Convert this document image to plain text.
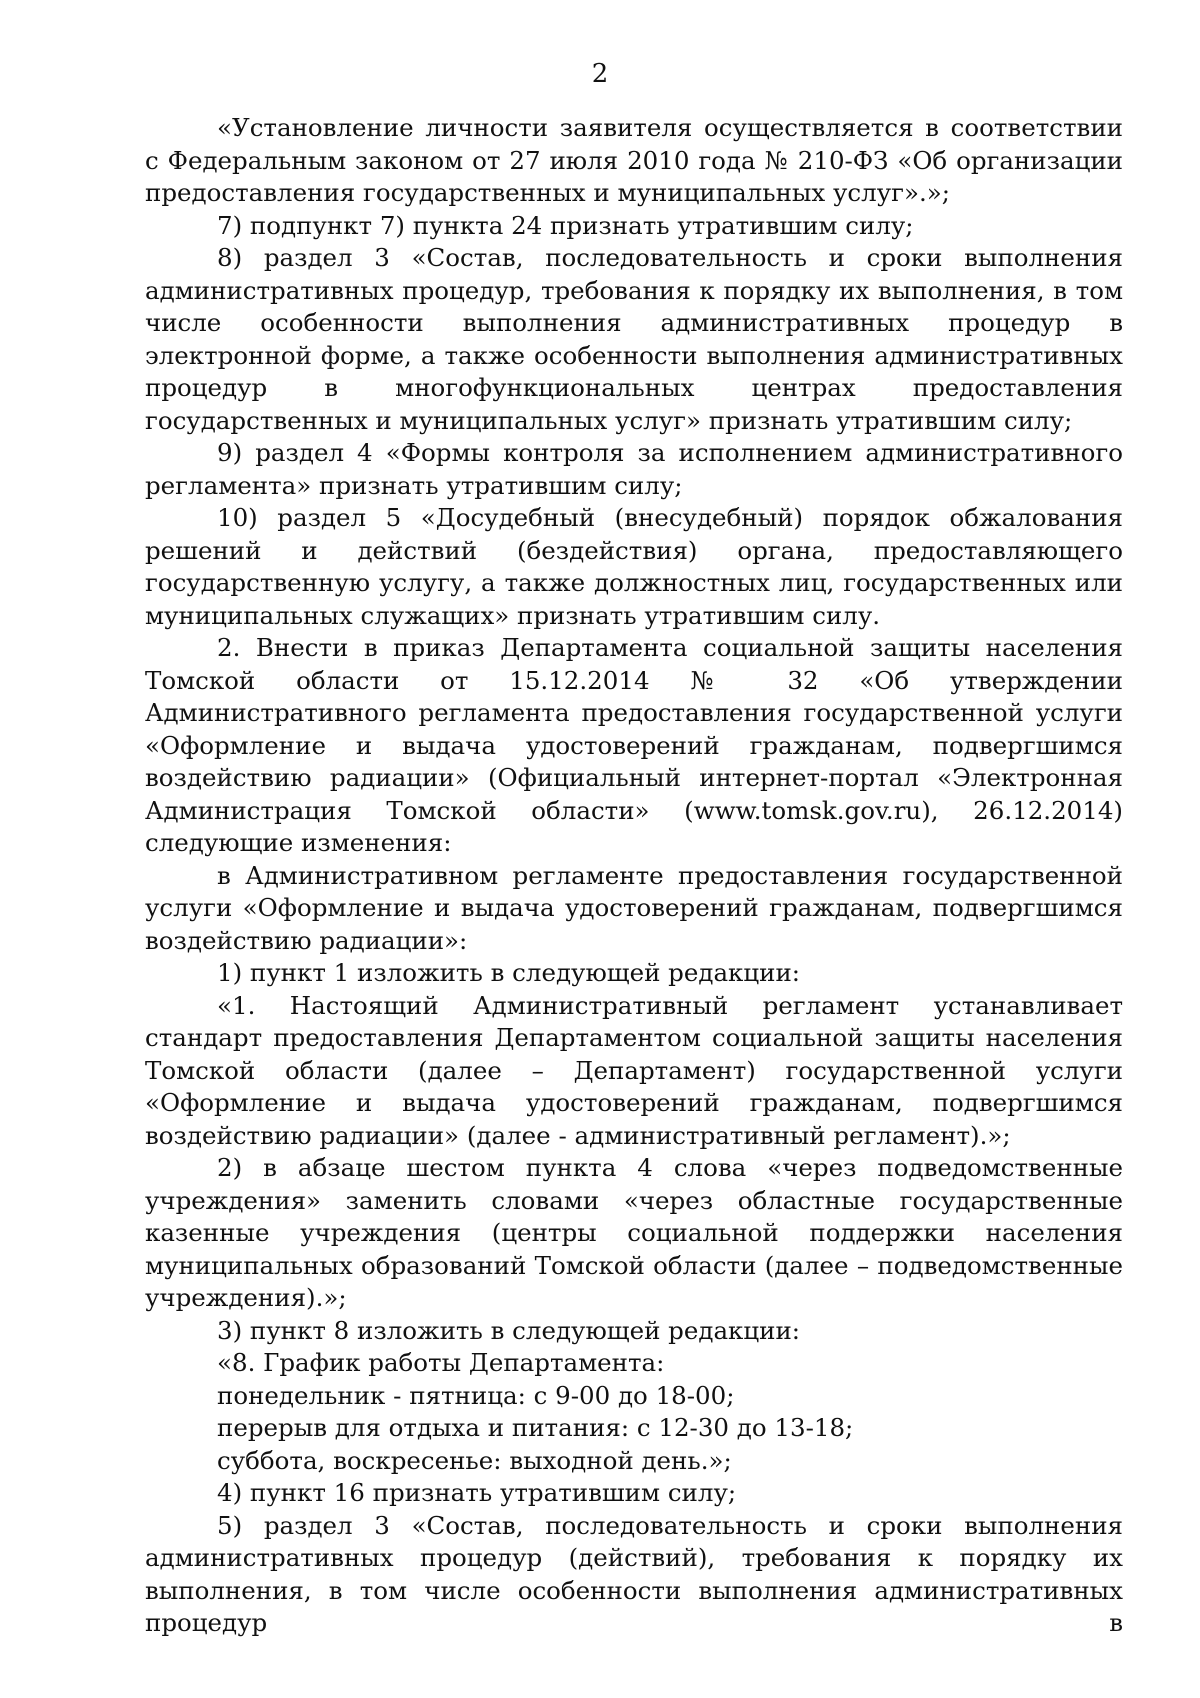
2

«Установление личности заявителя осуществляется в соответствии с Федеральным законом от 27 июля 2010 года № 210-ФЗ «Об организации предоставления государственных и муниципальных услуг».»;

7) подпункт 7) пункта 24 признать утратившим силу;

8) раздел 3 «Состав, последовательность и сроки выполнения административных процедур, требования к порядку их выполнения, в том числе особенности выполнения административных процедур в электронной форме, а также особенности выполнения административных процедур в многофункциональных центрах предоставления государственных и муниципальных услуг» признать утратившим силу;

9) раздел 4 «Формы контроля за исполнением административного регламента» признать утратившим силу;

10) раздел 5 «Досудебный (внесудебный) порядок обжалования решений и действий (бездействия) органа, предоставляющего государственную услугу, а также должностных лиц, государственных или муниципальных служащих» признать утратившим силу.

2. Внести в приказ Департамента социальной защиты населения Томской области от 15.12.2014 № 32 «Об утверждении Административного регламента предоставления государственной услуги «Оформление и выдача удостоверений гражданам, подвергшимся воздействию радиации» (Официальный интернет-портал «Электронная Администрация Томской области» (www.tomsk.gov.ru), 26.12.2014) следующие изменения:

в Административном регламенте предоставления государственной услуги «Оформление и выдача удостоверений гражданам, подвергшимся воздействию радиации»:

1) пункт 1 изложить в следующей редакции:

«1. Настоящий Административный регламент устанавливает стандарт предоставления Департаментом социальной защиты населения Томской области (далее – Департамент) государственной услуги «Оформление и выдача удостоверений гражданам, подвергшимся воздействию радиации» (далее - административный регламент).»;

2) в абзаце шестом пункта 4 слова «через подведомственные учреждения» заменить словами «через областные государственные казенные учреждения (центры социальной поддержки населения муниципальных образований Томской области (далее – подведомственные учреждения).»;

3) пункт 8 изложить в следующей редакции:

«8. График работы Департамента:

понедельник - пятница: с 9-00 до 18-00;

перерыв для отдыха и питания: с 12-30 до 13-18;

суббота, воскресенье: выходной день.»;

4) пункт 16 признать утратившим силу;

5) раздел 3 «Состав, последовательность и сроки выполнения административных процедур (действий), требования к порядку их выполнения, в том числе особенности выполнения административных процедур в
